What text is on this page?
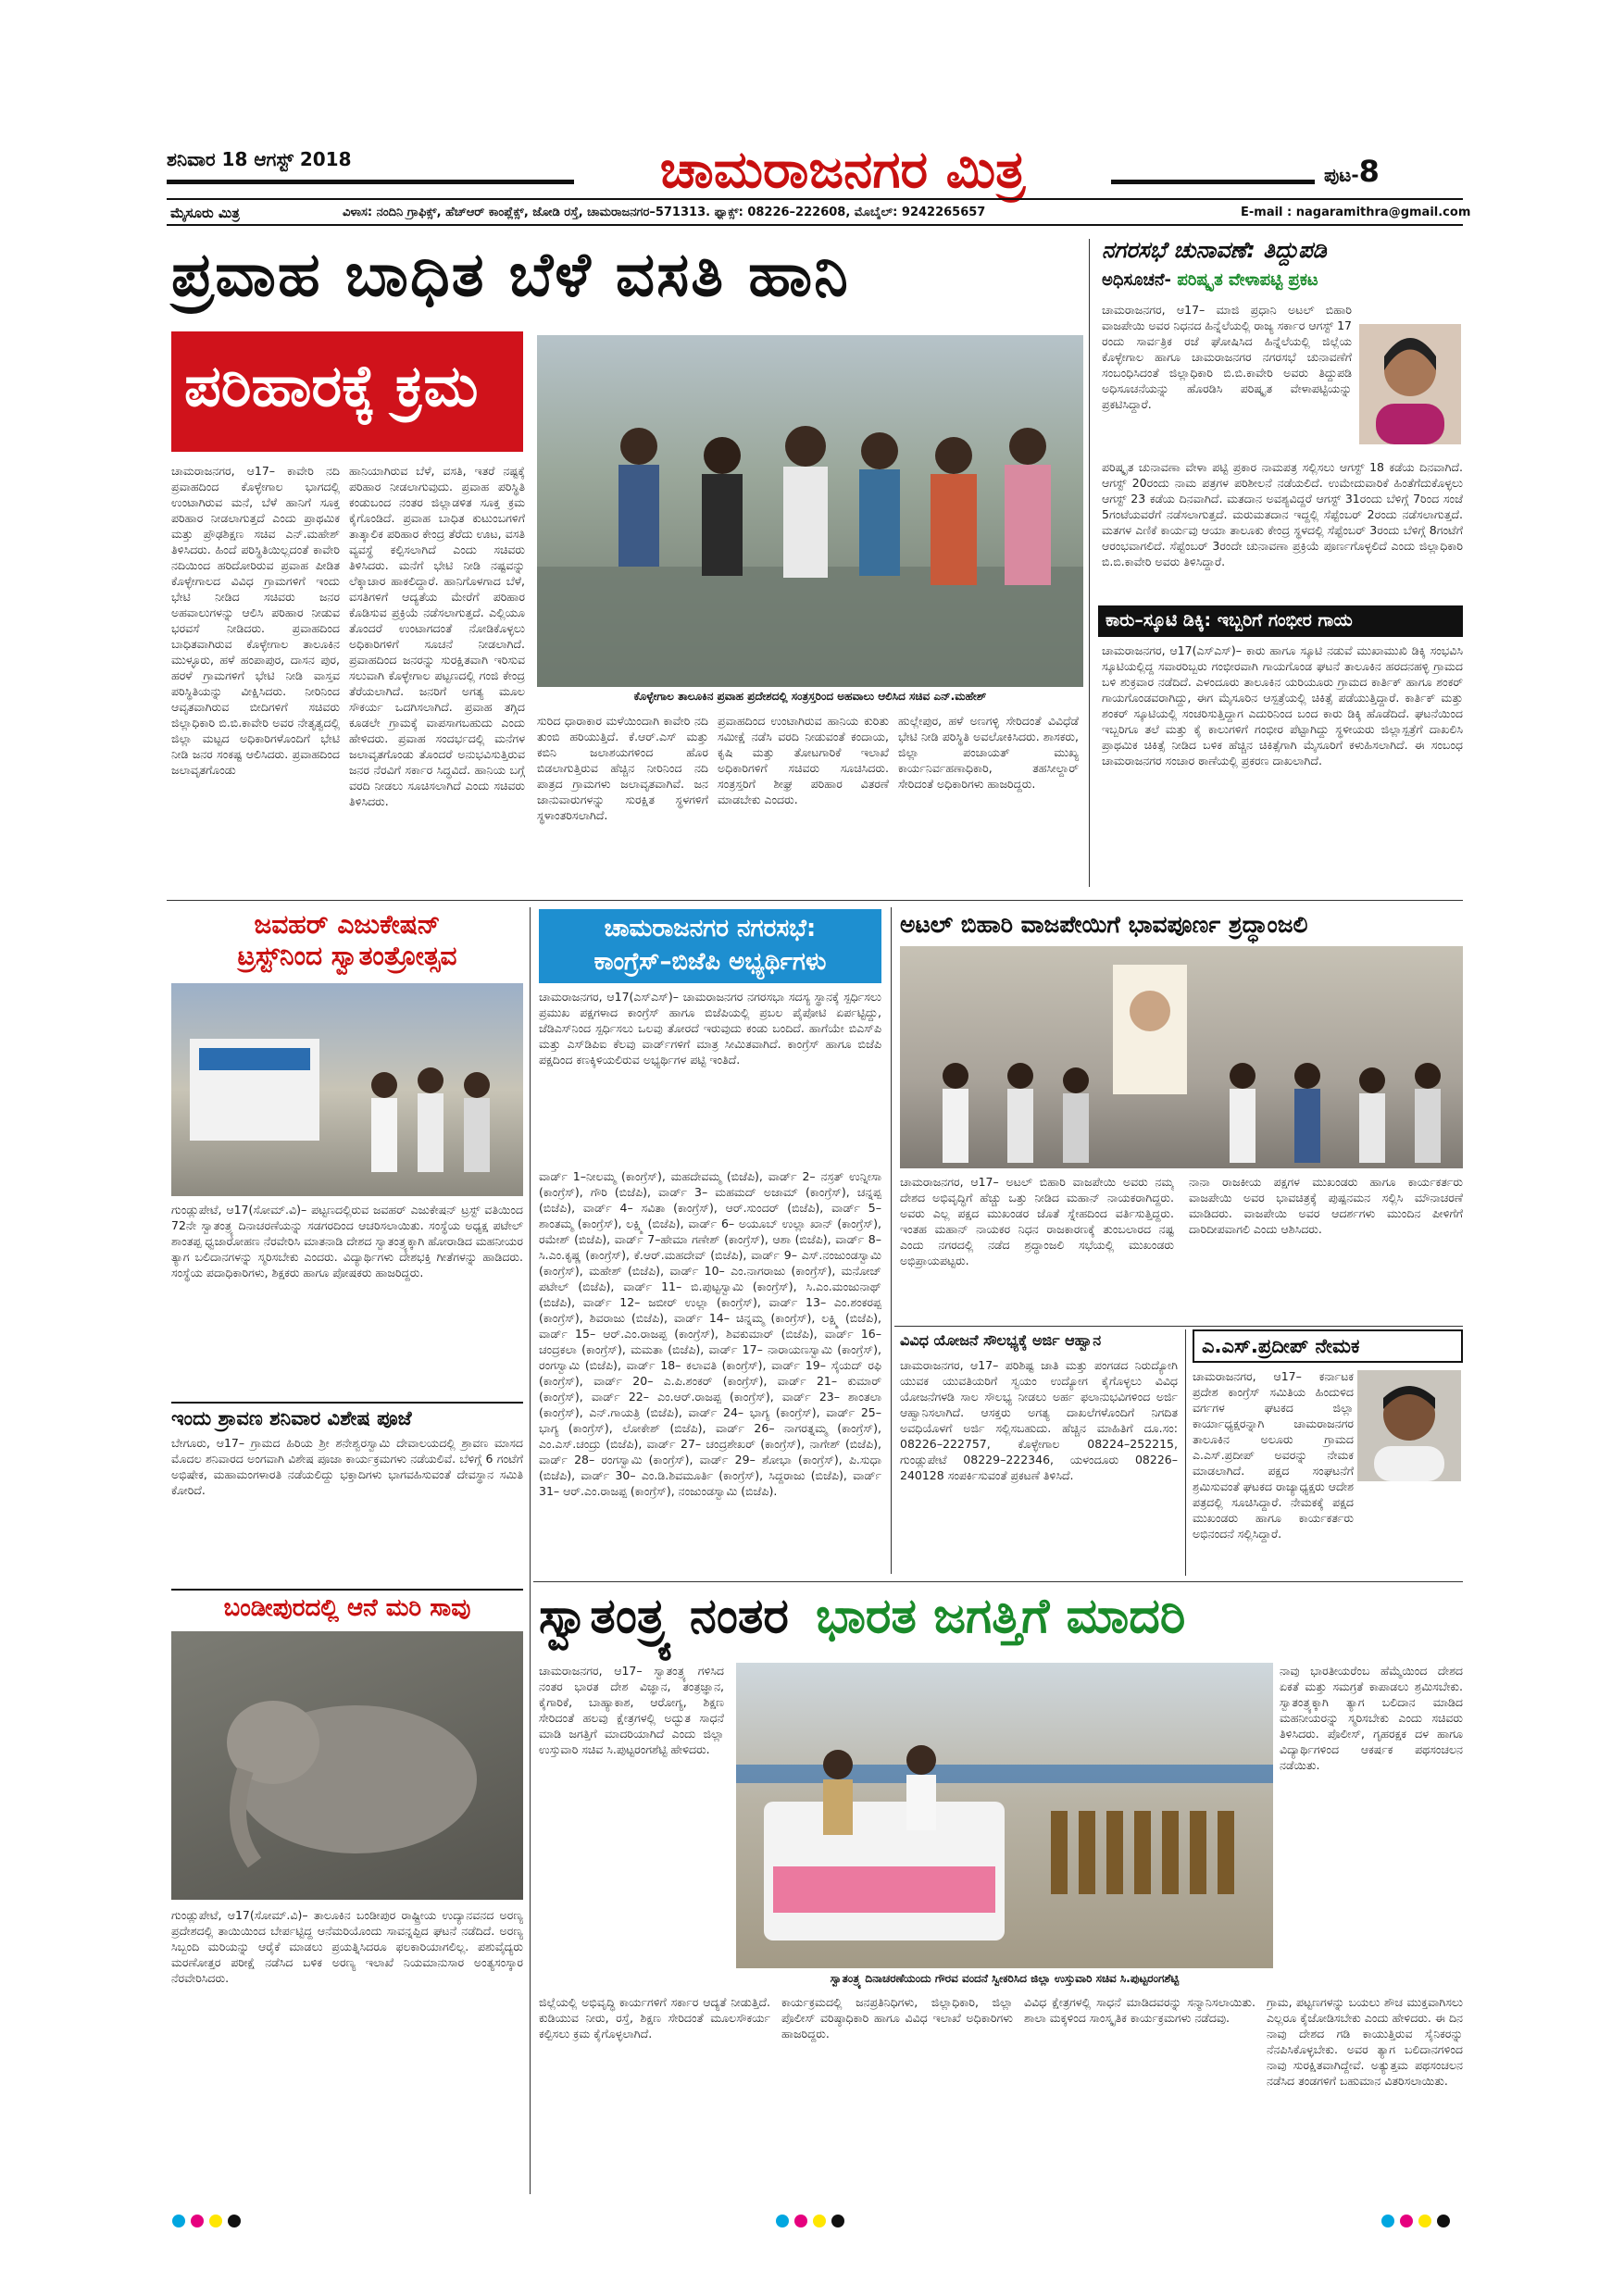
ಶನಿವಾರ 18 ಆಗಸ್ಟ್ 2018	ಚಾಮರಾಜನಗರ ಮಿತ್ರ	ಪುಟ-8
ಮೈಸೂರು ಮಿತ್ರ	ವಿಳಾಸ: ನಂದಿನಿ ಗ್ರಾಫಿಕ್ಸ್, ಹೆಚ್‌ಆರ್ ಕಾಂಪ್ಲೆಕ್ಸ್, ಜೋಡಿ ರಸ್ತೆ, ಚಾಮರಾಜನಗರ–571313. ಫ್ಯಾಕ್ಸ್: 08226–222608, ಮೊಬೈಲ್: 9242265657	E-mail : nagaramithra@gmail.com
ಪ್ರವಾಹ ಬಾಧಿತ ಬೆಳೆ ವಸತಿ ಹಾನಿ
ಪರಿಹಾರಕ್ಕೆ ಕ್ರಮ
ಕೊಳ್ಳೇಗಾಲ ತಾಲೂಕಿನ ಪ್ರವಾಹ ಪ್ರದೇಶದಲ್ಲಿ ಸಂತ್ರಸ್ತರಿಂದ ಅಹವಾಲು ಆಲಿಸಿದ ಸಚಿವ ಎನ್.ಮಹೇಶ್
ಚಾಮರಾಜನಗರ, ಆ17– ಕಾವೇರಿ ನದಿ ಪ್ರವಾಹದಿಂದ ಕೊಳ್ಳೇಗಾಲ ಭಾಗದಲ್ಲಿ ಉಂಟಾಗಿರುವ ಮನೆ, ಬೆಳೆ ಹಾನಿಗೆ ಸೂಕ್ತ ಪರಿಹಾರ ನೀಡಲಾಗುತ್ತದೆ ಎಂದು ಪ್ರಾಥಮಿಕ ಮತ್ತು ಪ್ರೌಢಶಿಕ್ಷಣ ಸಚಿವ ಎನ್.ಮಹೇಶ್ ತಿಳಿಸಿದರು. ಹಿಂದೆ ಪರಿಸ್ಥಿತಿಯಿಲ್ಲದಂತೆ ಕಾವೇರಿ ನದಿಯಿಂದ ಹರಿದೋರಿರುವ ಪ್ರವಾಹ ಪೀಡಿತ ಕೊಳ್ಳೇಗಾಲದ ವಿವಿಧ ಗ್ರಾಮಗಳಿಗೆ ಇಂದು ಭೇಟಿ ನೀಡಿದ ಸಚಿವರು ಜನರ ಅಹವಾಲುಗಳನ್ನು ಆಲಿಸಿ ಪರಿಹಾರ ನೀಡುವ ಭರವಸೆ ನೀಡಿದರು. ಪ್ರವಾಹದಿಂದ ಬಾಧಿತವಾಗಿರುವ ಕೊಳ್ಳೇಗಾಲ ತಾಲೂಕಿನ ಮುಳ್ಳೂರು, ಹಳೆ ಹಂಪಾಪುರ, ದಾಸನ ಪುರ, ಹರಳೆ ಗ್ರಾಮಗಳಿಗೆ ಭೇಟಿ ನೀಡಿ ವಾಸ್ತವ ಪರಿಸ್ಥಿತಿಯನ್ನು ವೀಕ್ಷಿಸಿದರು. ನೀರಿನಿಂದ ಆವೃತವಾಗಿರುವ ಬೀದಿಗಳಿಗೆ ಸಚಿವರು ಜಿಲ್ಲಾಧಿಕಾರಿ ಬಿ.ಬಿ.ಕಾವೇರಿ ಅವರ ನೇತೃತ್ವದಲ್ಲಿ ಜಿಲ್ಲಾ ಮಟ್ಟದ ಅಧಿಕಾರಿಗಳೊಂದಿಗೆ ಭೇಟಿ ನೀಡಿ ಜನರ ಸಂಕಷ್ಟ ಆಲಿಸಿದರು. ಪ್ರವಾಹದಿಂದ ಜಲಾವೃತಗೊಂಡು
ಹಾನಿಯಾಗಿರುವ ಬೆಳೆ, ವಸತಿ, ಇತರೆ ನಷ್ಟಕ್ಕೆ ಪರಿಹಾರ ನೀಡಲಾಗುವುದು. ಪ್ರವಾಹ ಪರಿಸ್ಥಿತಿ ಕಂಡುಬಂದ ನಂತರ ಜಿಲ್ಲಾಡಳಿತ ಸೂಕ್ತ ಕ್ರಮ ಕೈಗೊಂಡಿದೆ. ಪ್ರವಾಹ ಬಾಧಿತ ಕುಟುಂಬಗಳಿಗೆ ತಾತ್ಕಾಲಿಕ ಪರಿಹಾರ ಕೇಂದ್ರ ತೆರೆದು ಊಟ, ವಸತಿ ವ್ಯವಸ್ಥೆ ಕಲ್ಪಿಸಲಾಗಿದೆ ಎಂದು ಸಚಿವರು ತಿಳಿಸಿದರು. ಮನೆಗೆ ಭೇಟಿ ನೀಡಿ ನಷ್ಟವನ್ನು ಲೆಕ್ಕಾಚಾರ ಹಾಕಲಿದ್ದಾರೆ. ಹಾನಿಗೊಳಗಾದ ಬೆಳೆ, ವಸತಿಗಳಿಗೆ ಆದ್ಯತೆಯ ಮೇರೆಗೆ ಪರಿಹಾರ ಕೊಡಿಸುವ ಪ್ರಕ್ರಿಯೆ ನಡೆಸಲಾಗುತ್ತದೆ. ಎಲ್ಲಿಯೂ ತೊಂದರೆ ಉಂಟಾಗದಂತೆ ನೋಡಿಕೊಳ್ಳಲು ಅಧಿಕಾರಿಗಳಿಗೆ ಸೂಚನೆ ನೀಡಲಾಗಿದೆ. ಪ್ರವಾಹದಿಂದ ಜನರನ್ನು ಸುರಕ್ಷಿತವಾಗಿ ಇರಿಸುವ ಸಲುವಾಗಿ ಕೊಳ್ಳೇಗಾಲ ಪಟ್ಟಣದಲ್ಲಿ ಗಂಜಿ ಕೇಂದ್ರ ತೆರೆಯಲಾಗಿದೆ. ಜನರಿಗೆ ಅಗತ್ಯ ಮೂಲ ಸೌಕರ್ಯ ಒದಗಿಸಲಾಗಿದೆ. ಪ್ರವಾಹ ತಗ್ಗಿದ ಕೂಡಲೇ ಗ್ರಾಮಕ್ಕೆ ವಾಪಸಾಗಬಹುದು ಎಂದು ಹೇಳಿದರು. ಪ್ರವಾಹ ಸಂದರ್ಭದಲ್ಲಿ ಮನೆಗಳ ಜಲಾವೃತಗೊಂಡು ತೊಂದರೆ ಅನುಭವಿಸುತ್ತಿರುವ ಜನರ ನೆರವಿಗೆ ಸರ್ಕಾರ ಸಿದ್ಧವಿದೆ. ಹಾನಿಯ ಬಗ್ಗೆ ವರದಿ ನೀಡಲು ಸೂಚಿಸಲಾಗಿದೆ ಎಂದು ಸಚಿವರು ತಿಳಿಸಿದರು.
ಸುರಿದ ಧಾರಾಕಾರ ಮಳೆಯಿಂದಾಗಿ ಕಾವೇರಿ ನದಿ ತುಂಬಿ ಹರಿಯುತ್ತಿದೆ. ಕೆ.ಆರ್.ಎಸ್ ಮತ್ತು ಕಬಿನಿ ಜಲಾಶಯಗಳಿಂದ ಹೊರ ಬಿಡಲಾಗುತ್ತಿರುವ ಹೆಚ್ಚಿನ ನೀರಿನಿಂದ ನದಿ ಪಾತ್ರದ ಗ್ರಾಮಗಳು ಜಲಾವೃತವಾಗಿವೆ. ಜನ ಜಾನುವಾರುಗಳನ್ನು ಸುರಕ್ಷಿತ ಸ್ಥಳಗಳಿಗೆ ಸ್ಥಳಾಂತರಿಸಲಾಗಿದೆ.
ಪ್ರವಾಹದಿಂದ ಉಂಟಾಗಿರುವ ಹಾನಿಯ ಕುರಿತು ಸಮೀಕ್ಷೆ ನಡೆಸಿ ವರದಿ ನೀಡುವಂತೆ ಕಂದಾಯ, ಕೃಷಿ ಮತ್ತು ತೋಟಗಾರಿಕೆ ಇಲಾಖೆ ಅಧಿಕಾರಿಗಳಿಗೆ ಸಚಿವರು ಸೂಚಿಸಿದರು. ಸಂತ್ರಸ್ತರಿಗೆ ಶೀಘ್ರ ಪರಿಹಾರ ವಿತರಣೆ ಮಾಡಬೇಕು ಎಂದರು.
ಹುಲ್ಲೇಪುರ, ಹಳೆ ಅಣಗಳ್ಳಿ ಸೇರಿದಂತೆ ವಿವಿಧೆಡೆ ಭೇಟಿ ನೀಡಿ ಪರಿಸ್ಥಿತಿ ಅವಲೋಕಿಸಿದರು. ಶಾಸಕರು, ಜಿಲ್ಲಾ ಪಂಚಾಯತ್ ಮುಖ್ಯ ಕಾರ್ಯನಿರ್ವಹಣಾಧಿಕಾರಿ, ತಹಸೀಲ್ದಾರ್ ಸೇರಿದಂತೆ ಅಧಿಕಾರಿಗಳು ಹಾಜರಿದ್ದರು.
ನಗರಸಭೆ ಚುನಾವಣೆ: ತಿದ್ದುಪಡಿ
ಅಧಿಸೂಚನೆ- ಪರಿಷ್ಕೃತ ವೇಳಾಪಟ್ಟಿ ಪ್ರಕಟ
ಚಾಮರಾಜನಗರ, ಆ17– ಮಾಜಿ ಪ್ರಧಾನಿ ಅಟಲ್ ಬಿಹಾರಿ ವಾಜಪೇಯಿ ಅವರ ನಿಧನದ ಹಿನ್ನೆಲೆಯಲ್ಲಿ ರಾಜ್ಯ ಸರ್ಕಾರ ಆಗಸ್ಟ್ 17 ರಂದು ಸಾರ್ವತ್ರಿಕ ರಜೆ ಘೋಷಿಸಿದ ಹಿನ್ನೆಲೆಯಲ್ಲಿ ಜಿಲ್ಲೆಯ ಕೊಳ್ಳೇಗಾಲ ಹಾಗೂ ಚಾಮರಾಜನಗರ ನಗರಸಭೆ ಚುನಾವಣೆಗೆ ಸಂಬಂಧಿಸಿದಂತೆ ಜಿಲ್ಲಾಧಿಕಾರಿ ಬಿ.ಬಿ.ಕಾವೇರಿ ಅವರು ತಿದ್ದುಪಡಿ ಅಧಿಸೂಚನೆಯನ್ನು ಹೊರಡಿಸಿ ಪರಿಷ್ಕೃತ ವೇಳಾಪಟ್ಟಿಯನ್ನು ಪ್ರಕಟಿಸಿದ್ದಾರೆ.
ಪರಿಷ್ಕೃತ ಚುನಾವಣಾ ವೇಳಾ ಪಟ್ಟಿ ಪ್ರಕಾರ ನಾಮಪತ್ರ ಸಲ್ಲಿಸಲು ಆಗಸ್ಟ್ 18 ಕಡೆಯ ದಿನವಾಗಿದೆ. ಆಗಸ್ಟ್ 20ರಂದು ನಾಮ ಪತ್ರಗಳ ಪರಿಶೀಲನೆ ನಡೆಯಲಿದೆ. ಉಮೇದುವಾರಿಕೆ ಹಿಂತೆಗೆದುಕೊಳ್ಳಲು ಆಗಸ್ಟ್ 23 ಕಡೆಯ ದಿನವಾಗಿದೆ. ಮತದಾನ ಅವಶ್ಯವಿದ್ದರೆ ಆಗಸ್ಟ್ 31ರಂದು ಬೆಳಿಗ್ಗೆ 7ರಿಂದ ಸಂಜೆ 5ಗಂಟೆಯವರೆಗೆ ನಡೆಸಲಾಗುತ್ತದೆ. ಮರುಮತದಾನ ಇದ್ದಲ್ಲಿ ಸೆಪ್ಟೆಂಬರ್ 2ರಂದು ನಡೆಸಲಾಗುತ್ತದೆ. ಮತಗಳ ಎಣಿಕೆ ಕಾರ್ಯವು ಆಯಾ ತಾಲೂಕು ಕೇಂದ್ರ ಸ್ಥಳದಲ್ಲಿ ಸೆಪ್ಟೆಂಬರ್ 3ರಂದು ಬೆಳಿಗ್ಗೆ 8ಗಂಟೆಗೆ ಆರಂಭವಾಗಲಿದೆ. ಸೆಪ್ಟೆಂಬರ್ 3ರಂದೇ ಚುನಾವಣಾ ಪ್ರಕ್ರಿಯೆ ಪೂರ್ಣಗೊಳ್ಳಲಿದೆ ಎಂದು ಜಿಲ್ಲಾಧಿಕಾರಿ ಬಿ.ಬಿ.ಕಾವೇರಿ ಅವರು ತಿಳಿಸಿದ್ದಾರೆ.
ಕಾರು–ಸ್ಕೂಟಿ ಡಿಕ್ಕಿ: ಇಬ್ಬರಿಗೆ ಗಂಭೀರ ಗಾಯ
ಚಾಮರಾಜನಗರ, ಆ17(ಎಸ್‌ಎಸ್)– ಕಾರು ಹಾಗೂ ಸ್ಕೂಟಿ ನಡುವೆ ಮುಖಾಮುಖಿ ಡಿಕ್ಕಿ ಸಂಭವಿಸಿ ಸ್ಕೂಟಿಯಲ್ಲಿದ್ದ ಸವಾರರಿಬ್ಬರು ಗಂಭೀರವಾಗಿ ಗಾಯಗೊಂಡ ಘಟನೆ ತಾಲೂಕಿನ ಹರದನಹಳ್ಳಿ ಗ್ರಾಮದ ಬಳಿ ಶುಕ್ರವಾರ ನಡೆದಿದೆ. ಎಳಂದೂರು ತಾಲೂಕಿನ ಯರಿಯೂರು ಗ್ರಾಮದ ಕಾರ್ತಿಕ್ ಹಾಗೂ ಶಂಕರ್ ಗಾಯಗೊಂಡವರಾಗಿದ್ದು, ಈಗ ಮೈಸೂರಿನ ಆಸ್ಪತ್ರೆಯಲ್ಲಿ ಚಿಕಿತ್ಸೆ ಪಡೆಯುತ್ತಿದ್ದಾರೆ. ಕಾರ್ತಿಕ್ ಮತ್ತು ಶಂಕರ್ ಸ್ಕೂಟಿಯಲ್ಲಿ ಸಂಚರಿಸುತ್ತಿದ್ದಾಗ ಎದುರಿನಿಂದ ಬಂದ ಕಾರು ಡಿಕ್ಕಿ ಹೊಡೆದಿದೆ. ಘಟನೆಯಿಂದ ಇಬ್ಬರಿಗೂ ತಲೆ ಮತ್ತು ಕೈ ಕಾಲುಗಳಿಗೆ ಗಂಭೀರ ಪೆಟ್ಟಾಗಿದ್ದು ಸ್ಥಳೀಯರು ಜಿಲ್ಲಾಸ್ಪತ್ರೆಗೆ ದಾಖಲಿಸಿ ಪ್ರಾಥಮಿಕ ಚಿಕಿತ್ಸೆ ನೀಡಿದ ಬಳಿಕ ಹೆಚ್ಚಿನ ಚಿಕಿತ್ಸೆಗಾಗಿ ಮೈಸೂರಿಗೆ ಕಳುಹಿಸಲಾಗಿದೆ. ಈ ಸಂಬಂಧ ಚಾಮರಾಜನಗರ ಸಂಚಾರ ಠಾಣೆಯಲ್ಲಿ ಪ್ರಕರಣ ದಾಖಲಾಗಿದೆ.
ಜವಹರ್ ಎಜುಕೇಷನ್
ಟ್ರಸ್ಟ್‌ನಿಂದ ಸ್ವಾತಂತ್ರೋತ್ಸವ
ಗುಂಡ್ಲುಪೇಟೆ, ಆ17(ಸೋಮ್.ವಿ)– ಪಟ್ಟಣದಲ್ಲಿರುವ ಜವಹರ್ ಎಜುಕೇಷನ್ ಟ್ರಸ್ಟ್ ವತಿಯಿಂದ 72ನೇ ಸ್ವಾತಂತ್ರ್ಯ ದಿನಾಚರಣೆಯನ್ನು ಸಡಗರದಿಂದ ಆಚರಿಸಲಾಯಿತು. ಸಂಸ್ಥೆಯ ಅಧ್ಯಕ್ಷ ಪಟೇಲ್ ಶಾಂತಪ್ಪ ಧ್ವಜಾರೋಹಣ ನೆರವೇರಿಸಿ ಮಾತನಾಡಿ ದೇಶದ ಸ್ವಾತಂತ್ರ್ಯಕ್ಕಾಗಿ ಹೋರಾಡಿದ ಮಹನೀಯರ ತ್ಯಾಗ ಬಲಿದಾನಗಳನ್ನು ಸ್ಮರಿಸಬೇಕು ಎಂದರು. ವಿದ್ಯಾರ್ಥಿಗಳು ದೇಶಭಕ್ತಿ ಗೀತೆಗಳನ್ನು ಹಾಡಿದರು. ಸಂಸ್ಥೆಯ ಪದಾಧಿಕಾರಿಗಳು, ಶಿಕ್ಷಕರು ಹಾಗೂ ಪೋಷಕರು ಹಾಜರಿದ್ದರು.
ಇಂದು ಶ್ರಾವಣ ಶನಿವಾರ ವಿಶೇಷ ಪೂಜೆ
ಬೇಗೂರು, ಆ17– ಗ್ರಾಮದ ಹಿರಿಯ ಶ್ರೀ ಶನೇಶ್ವರಸ್ವಾಮಿ ದೇವಾಲಯದಲ್ಲಿ ಶ್ರಾವಣ ಮಾಸದ ಮೊದಲ ಶನಿವಾರದ ಅಂಗವಾಗಿ ವಿಶೇಷ ಪೂಜಾ ಕಾರ್ಯಕ್ರಮಗಳು ನಡೆಯಲಿವೆ. ಬೆಳಿಗ್ಗೆ 6 ಗಂಟೆಗೆ ಅಭಿಷೇಕ, ಮಹಾಮಂಗಳಾರತಿ ನಡೆಯಲಿದ್ದು ಭಕ್ತಾದಿಗಳು ಭಾಗವಹಿಸುವಂತೆ ದೇವಸ್ಥಾನ ಸಮಿತಿ ಕೋರಿದೆ.
ಬಂಡೀಪುರದಲ್ಲಿ ಆನೆ ಮರಿ ಸಾವು
ಗುಂಡ್ಲುಪೇಟೆ, ಆ17(ಸೋಮ್.ವಿ)– ತಾಲೂಕಿನ ಬಂಡೀಪುರ ರಾಷ್ಟ್ರೀಯ ಉದ್ಯಾನವನದ ಅರಣ್ಯ ಪ್ರದೇಶದಲ್ಲಿ ತಾಯಿಯಿಂದ ಬೇರ್ಪಟ್ಟಿದ್ದ ಆನೆಮರಿಯೊಂದು ಸಾವನ್ನಪ್ಪಿದ ಘಟನೆ ನಡೆದಿದೆ. ಅರಣ್ಯ ಸಿಬ್ಬಂದಿ ಮರಿಯನ್ನು ಆರೈಕೆ ಮಾಡಲು ಪ್ರಯತ್ನಿಸಿದರೂ ಫಲಕಾರಿಯಾಗಲಿಲ್ಲ. ಪಶುವೈದ್ಯರು ಮರಣೋತ್ತರ ಪರೀಕ್ಷೆ ನಡೆಸಿದ ಬಳಿಕ ಅರಣ್ಯ ಇಲಾಖೆ ನಿಯಮಾನುಸಾರ ಅಂತ್ಯಸಂಸ್ಕಾರ ನೆರವೇರಿಸಿದರು.
ಚಾಮರಾಜನಗರ ನಗರಸಭೆ:
ಕಾಂಗ್ರೆಸ್–ಬಿಜೆಪಿ ಅಭ್ಯರ್ಥಿಗಳು
ಚಾಮರಾಜನಗರ, ಆ17(ಎಸ್‌ಎಸ್)– ಚಾಮರಾಜನಗರ ನಗರಸಭಾ ಸದಸ್ಯ ಸ್ಥಾನಕ್ಕೆ ಸ್ಪರ್ಧಿಸಲು ಪ್ರಮುಖ ಪಕ್ಷಗಳಾದ ಕಾಂಗ್ರೆಸ್ ಹಾಗೂ ಬಿಜೆಪಿಯಲ್ಲಿ ಪ್ರಬಲ ಪೈಪೋಟಿ ಏರ್ಪಟ್ಟಿದ್ದು, ಜೆಡಿಎಸ್‌ನಿಂದ ಸ್ಪರ್ಧಿಸಲು ಒಲವು ತೋರದೆ ಇರುವುದು ಕಂಡು ಬಂದಿದೆ. ಹಾಗೆಯೇ ಬಿಎಸ್‌ಪಿ ಮತ್ತು ಎಸ್‌ಡಿಪಿಐ ಕೆಲವು ವಾರ್ಡ್‌ಗಳಿಗೆ ಮಾತ್ರ ಸೀಮಿತವಾಗಿದೆ. ಕಾಂಗ್ರೆಸ್ ಹಾಗೂ ಬಿಜೆಪಿ ಪಕ್ಷದಿಂದ ಕಣಕ್ಕಿಳಿಯಲಿರುವ ಅಭ್ಯರ್ಥಿಗಳ ಪಟ್ಟಿ ಇಂತಿದೆ.
ವಾರ್ಡ್ 1–ನೀಲಮ್ಮ (ಕಾಂಗ್ರೆಸ್), ಮಹದೇವಮ್ಮ (ಬಿಜೆಪಿ), ವಾರ್ಡ್ 2– ನಸ್ರತ್ ಉನ್ನೀಸಾ (ಕಾಂಗ್ರೆಸ್), ಗೌರಿ (ಬಿಜೆಪಿ), ವಾರ್ಡ್ 3– ಮಹಮದ್ ಅಜಾಮ್ (ಕಾಂಗ್ರೆಸ್), ಚನ್ನಪ್ಪ (ಬಿಜೆಪಿ), ವಾರ್ಡ್ 4– ಸವಿತಾ (ಕಾಂಗ್ರೆಸ್), ಆರ್.ಸುಂದರ್ (ಬಿಜೆಪಿ), ವಾರ್ಡ್ 5– ಶಾಂತಮ್ಮ (ಕಾಂಗ್ರೆಸ್), ಲಕ್ಷ್ಮಿ (ಬಿಜೆಪಿ), ವಾರ್ಡ್ 6– ಅಯೂಬ್ ಉಲ್ಲಾ ಖಾನ್ (ಕಾಂಗ್ರೆಸ್), ರಮೇಶ್ (ಬಿಜೆಪಿ), ವಾರ್ಡ್ 7–ಹೇಮಾ ಗಣೇಶ್ (ಕಾಂಗ್ರೆಸ್), ಆಶಾ (ಬಿಜೆಪಿ), ವಾರ್ಡ್ 8– ಸಿ.ಎಂ.ಕೃಷ್ಣ (ಕಾಂಗ್ರೆಸ್), ಕೆ.ಆರ್.ಮಹದೇವ್ (ಬಿಜೆಪಿ), ವಾರ್ಡ್ 9– ಎಸ್.ನಂಜುಂಡಸ್ವಾಮಿ (ಕಾಂಗ್ರೆಸ್), ಮಹೇಶ್ (ಬಿಜೆಪಿ), ವಾರ್ಡ್ 10– ಎಂ.ನಾಗರಾಜು (ಕಾಂಗ್ರೆಸ್), ಮನೋಜ್ ಪಟೇಲ್ (ಬಿಜೆಪಿ), ವಾರ್ಡ್ 11– ಬಿ.ಪುಟ್ಟಸ್ವಾಮಿ (ಕಾಂಗ್ರೆಸ್), ಸಿ.ಎಂ.ಮಂಜುನಾಥ್ (ಬಿಜೆಪಿ), ವಾರ್ಡ್ 12– ಜಬೀರ್ ಉಲ್ಲಾ (ಕಾಂಗ್ರೆಸ್), ವಾರ್ಡ್ 13– ಎಂ.ಶಂಕರಪ್ಪ (ಕಾಂಗ್ರೆಸ್), ಶಿವರಾಜು (ಬಿಜೆಪಿ), ವಾರ್ಡ್ 14– ಚಿನ್ನಮ್ಮ (ಕಾಂಗ್ರೆಸ್), ಲಕ್ಷ್ಮಿ (ಬಿಜೆಪಿ), ವಾರ್ಡ್ 15– ಆರ್.ಎಂ.ರಾಜಪ್ಪ (ಕಾಂಗ್ರೆಸ್), ಶಿವಕುಮಾರ್ (ಬಿಜೆಪಿ), ವಾರ್ಡ್ 16– ಚಂದ್ರಕಲಾ (ಕಾಂಗ್ರೆಸ್), ಮಮತಾ (ಬಿಜೆಪಿ), ವಾರ್ಡ್ 17– ನಾರಾಯಣಸ್ವಾಮಿ (ಕಾಂಗ್ರೆಸ್), ರಂಗಸ್ವಾಮಿ (ಬಿಜೆಪಿ), ವಾರ್ಡ್ 18– ಕಲಾವತಿ (ಕಾಂಗ್ರೆಸ್), ವಾರ್ಡ್ 19– ಸೈಯದ್ ರಫಿ (ಕಾಂಗ್ರೆಸ್), ವಾರ್ಡ್ 20– ಎ.ಪಿ.ಶಂಕರ್ (ಕಾಂಗ್ರೆಸ್), ವಾರ್ಡ್ 21– ಕುಮಾರ್ (ಕಾಂಗ್ರೆಸ್), ವಾರ್ಡ್ 22– ಎಂ.ಆರ್.ರಾಜಪ್ಪ (ಕಾಂಗ್ರೆಸ್), ವಾರ್ಡ್ 23– ಶಾಂತಲಾ (ಕಾಂಗ್ರೆಸ್), ಎನ್.ಗಾಯತ್ರಿ (ಬಿಜೆಪಿ), ವಾರ್ಡ್ 24– ಭಾಗ್ಯ (ಕಾಂಗ್ರೆಸ್), ವಾರ್ಡ್ 25– ಭಾಗ್ಯ (ಕಾಂಗ್ರೆಸ್), ಲೋಕೇಶ್ (ಬಿಜೆಪಿ), ವಾರ್ಡ್ 26– ನಾಗರತ್ನಮ್ಮ (ಕಾಂಗ್ರೆಸ್), ಎಂ.ಎಸ್.ಚಂದ್ರು (ಬಿಜೆಪಿ), ವಾರ್ಡ್ 27– ಚಂದ್ರಶೇಖರ್ (ಕಾಂಗ್ರೆಸ್), ನಾಗೇಶ್ (ಬಿಜೆಪಿ), ವಾರ್ಡ್ 28– ರಂಗಸ್ವಾಮಿ (ಕಾಂಗ್ರೆಸ್), ವಾರ್ಡ್ 29– ಶೋಭಾ (ಕಾಂಗ್ರೆಸ್), ಪಿ.ಸುಧಾ (ಬಿಜೆಪಿ), ವಾರ್ಡ್ 30– ಎಂ.ಡಿ.ಶಿವಮೂರ್ತಿ (ಕಾಂಗ್ರೆಸ್), ಸಿದ್ದರಾಜು (ಬಿಜೆಪಿ), ವಾರ್ಡ್ 31– ಆರ್.ಎಂ.ರಾಜಪ್ಪ (ಕಾಂಗ್ರೆಸ್), ನಂಜುಂಡಸ್ವಾಮಿ (ಬಿಜೆಪಿ).
ಅಟಲ್ ಬಿಹಾರಿ ವಾಜಪೇಯಿಗೆ ಭಾವಪೂರ್ಣ ಶ್ರದ್ಧಾಂಜಲಿ
ಚಾಮರಾಜನಗರ, ಆ17– ಅಟಲ್ ಬಿಹಾರಿ ವಾಜಪೇಯಿ ಅವರು ನಮ್ಮ ದೇಶದ ಅಭಿವೃದ್ಧಿಗೆ ಹೆಚ್ಚು ಒತ್ತು ನೀಡಿದ ಮಹಾನ್ ನಾಯಕರಾಗಿದ್ದರು. ಅವರು ಎಲ್ಲ ಪಕ್ಷದ ಮುಖಂಡರ ಜೊತೆ ಸ್ನೇಹದಿಂದ ವರ್ತಿಸುತ್ತಿದ್ದರು. ಇಂತಹ ಮಹಾನ್ ನಾಯಕರ ನಿಧನ ರಾಜಕಾರಣಕ್ಕೆ ತುಂಬಲಾರದ ನಷ್ಟ ಎಂದು ನಗರದಲ್ಲಿ ನಡೆದ ಶ್ರದ್ಧಾಂಜಲಿ ಸಭೆಯಲ್ಲಿ ಮುಖಂಡರು ಅಭಿಪ್ರಾಯಪಟ್ಟರು.
ನಾನಾ ರಾಜಕೀಯ ಪಕ್ಷಗಳ ಮುಖಂಡರು ಹಾಗೂ ಕಾರ್ಯಕರ್ತರು ವಾಜಪೇಯಿ ಅವರ ಭಾವಚಿತ್ರಕ್ಕೆ ಪುಷ್ಪನಮನ ಸಲ್ಲಿಸಿ ಮೌನಾಚರಣೆ ಮಾಡಿದರು. ವಾಜಪೇಯಿ ಅವರ ಆದರ್ಶಗಳು ಮುಂದಿನ ಪೀಳಿಗೆಗೆ ದಾರಿದೀಪವಾಗಲಿ ಎಂದು ಆಶಿಸಿದರು.
ವಿವಿಧ ಯೋಜನೆ ಸೌಲಭ್ಯಕ್ಕೆ ಅರ್ಜಿ ಆಹ್ವಾನ
ಚಾಮರಾಜನಗರ, ಆ17– ಪರಿಶಿಷ್ಟ ಜಾತಿ ಮತ್ತು ಪಂಗಡದ ನಿರುದ್ಯೋಗಿ ಯುವಕ ಯುವತಿಯರಿಗೆ ಸ್ವಯಂ ಉದ್ಯೋಗ ಕೈಗೊಳ್ಳಲು ವಿವಿಧ ಯೋಜನೆಗಳಡಿ ಸಾಲ ಸೌಲಭ್ಯ ನೀಡಲು ಅರ್ಹ ಫಲಾನುಭವಿಗಳಿಂದ ಅರ್ಜಿ ಆಹ್ವಾನಿಸಲಾಗಿದೆ. ಆಸಕ್ತರು ಅಗತ್ಯ ದಾಖಲೆಗಳೊಂದಿಗೆ ನಿಗದಿತ ಅವಧಿಯೊಳಗೆ ಅರ್ಜಿ ಸಲ್ಲಿಸಬಹುದು. ಹೆಚ್ಚಿನ ಮಾಹಿತಿಗೆ ದೂ.ಸಂ: 08226–222757, ಕೊಳ್ಳೇಗಾಲ 08224–252215, ಗುಂಡ್ಲುಪೇಟೆ 08229–222346, ಯಳಂದೂರು 08226–240128 ಸಂಪರ್ಕಿಸುವಂತೆ ಪ್ರಕಟಣೆ ತಿಳಿಸಿದೆ.
ಎ.ಎಸ್.ಪ್ರದೀಪ್ ನೇಮಕ
ಚಾಮರಾಜನಗರ, ಆ17– ಕರ್ನಾಟಕ ಪ್ರದೇಶ ಕಾಂಗ್ರೆಸ್ ಸಮಿತಿಯ ಹಿಂದುಳಿದ ವರ್ಗಗಳ ಘಟಕದ ಜಿಲ್ಲಾ ಕಾರ್ಯಾಧ್ಯಕ್ಷರನ್ನಾಗಿ ಚಾಮರಾಜನಗರ ತಾಲೂಕಿನ ಅಲೂರು ಗ್ರಾಮದ ಎ.ಎಸ್.ಪ್ರದೀಪ್ ಅವರನ್ನು ನೇಮಕ ಮಾಡಲಾಗಿದೆ. ಪಕ್ಷದ ಸಂಘಟನೆಗೆ ಶ್ರಮಿಸುವಂತೆ ಘಟಕದ ರಾಜ್ಯಾಧ್ಯಕ್ಷರು ಆದೇಶ ಪತ್ರದಲ್ಲಿ ಸೂಚಿಸಿದ್ದಾರೆ. ನೇಮಕಕ್ಕೆ ಪಕ್ಷದ ಮುಖಂಡರು ಹಾಗೂ ಕಾರ್ಯಕರ್ತರು ಅಭಿನಂದನೆ ಸಲ್ಲಿಸಿದ್ದಾರೆ.
ಸ್ವಾತಂತ್ರ್ಯ ನಂತರ ಭಾರತ ಜಗತ್ತಿಗೆ ಮಾದರಿ
ಚಾಮರಾಜನಗರ, ಆ17– ಸ್ವಾತಂತ್ರ್ಯ ಗಳಿಸಿದ ನಂತರ ಭಾರತ ದೇಶ ವಿಜ್ಞಾನ, ತಂತ್ರಜ್ಞಾನ, ಕೈಗಾರಿಕೆ, ಬಾಹ್ಯಾಕಾಶ, ಆರೋಗ್ಯ, ಶಿಕ್ಷಣ ಸೇರಿದಂತೆ ಹಲವು ಕ್ಷೇತ್ರಗಳಲ್ಲಿ ಅದ್ಭುತ ಸಾಧನೆ ಮಾಡಿ ಜಗತ್ತಿಗೆ ಮಾದರಿಯಾಗಿದೆ ಎಂದು ಜಿಲ್ಲಾ ಉಸ್ತುವಾರಿ ಸಚಿವ ಸಿ.ಪುಟ್ಟರಂಗಶೆಟ್ಟಿ ಹೇಳಿದರು.
ನಾವು ಭಾರತೀಯರೆಂಬ ಹೆಮ್ಮೆಯಿಂದ ದೇಶದ ಏಕತೆ ಮತ್ತು ಸಮಗ್ರತೆ ಕಾಪಾಡಲು ಶ್ರಮಿಸಬೇಕು. ಸ್ವಾತಂತ್ರ್ಯಕ್ಕಾಗಿ ತ್ಯಾಗ ಬಲಿದಾನ ಮಾಡಿದ ಮಹನೀಯರನ್ನು ಸ್ಮರಿಸಬೇಕು ಎಂದು ಸಚಿವರು ತಿಳಿಸಿದರು. ಪೊಲೀಸ್, ಗೃಹರಕ್ಷಕ ದಳ ಹಾಗೂ ವಿದ್ಯಾರ್ಥಿಗಳಿಂದ ಆಕರ್ಷಕ ಪಥಸಂಚಲನ ನಡೆಯಿತು.
ಸ್ವಾತಂತ್ರ್ಯ ದಿನಾಚರಣೆಯಂದು ಗೌರವ ವಂದನೆ ಸ್ವೀಕರಿಸಿದ ಜಿಲ್ಲಾ ಉಸ್ತುವಾರಿ ಸಚಿವ ಸಿ.ಪುಟ್ಟರಂಗಶೆಟ್ಟಿ
ಜಿಲ್ಲೆಯಲ್ಲಿ ಅಭಿವೃದ್ಧಿ ಕಾರ್ಯಗಳಿಗೆ ಸರ್ಕಾರ ಆದ್ಯತೆ ನೀಡುತ್ತಿದೆ. ಕುಡಿಯುವ ನೀರು, ರಸ್ತೆ, ಶಿಕ್ಷಣ ಸೇರಿದಂತೆ ಮೂಲಸೌಕರ್ಯ ಕಲ್ಪಿಸಲು ಕ್ರಮ ಕೈಗೊಳ್ಳಲಾಗಿದೆ.
ಕಾರ್ಯಕ್ರಮದಲ್ಲಿ ಜನಪ್ರತಿನಿಧಿಗಳು, ಜಿಲ್ಲಾಧಿಕಾರಿ, ಜಿಲ್ಲಾ ಪೊಲೀಸ್ ವರಿಷ್ಠಾಧಿಕಾರಿ ಹಾಗೂ ವಿವಿಧ ಇಲಾಖೆ ಅಧಿಕಾರಿಗಳು ಹಾಜರಿದ್ದರು.
ವಿವಿಧ ಕ್ಷೇತ್ರಗಳಲ್ಲಿ ಸಾಧನೆ ಮಾಡಿದವರನ್ನು ಸನ್ಮಾನಿಸಲಾಯಿತು. ಶಾಲಾ ಮಕ್ಕಳಿಂದ ಸಾಂಸ್ಕೃತಿಕ ಕಾರ್ಯಕ್ರಮಗಳು ನಡೆದವು.
ಗ್ರಾಮ, ಪಟ್ಟಣಗಳನ್ನು ಬಯಲು ಶೌಚ ಮುಕ್ತವಾಗಿಸಲು ಎಲ್ಲರೂ ಕೈಜೋಡಿಸಬೇಕು ಎಂದು ಹೇಳಿದರು. ಈ ದಿನ ನಾವು ದೇಶದ ಗಡಿ ಕಾಯುತ್ತಿರುವ ಸೈನಿಕರನ್ನು ನೆನಪಿಸಿಕೊಳ್ಳಬೇಕು. ಅವರ ತ್ಯಾಗ ಬಲಿದಾನಗಳಿಂದ ನಾವು ಸುರಕ್ಷಿತವಾಗಿದ್ದೇವೆ. ಅತ್ಯುತ್ತಮ ಪಥಸಂಚಲನ ನಡೆಸಿದ ತಂಡಗಳಿಗೆ ಬಹುಮಾನ ವಿತರಿಸಲಾಯಿತು.
